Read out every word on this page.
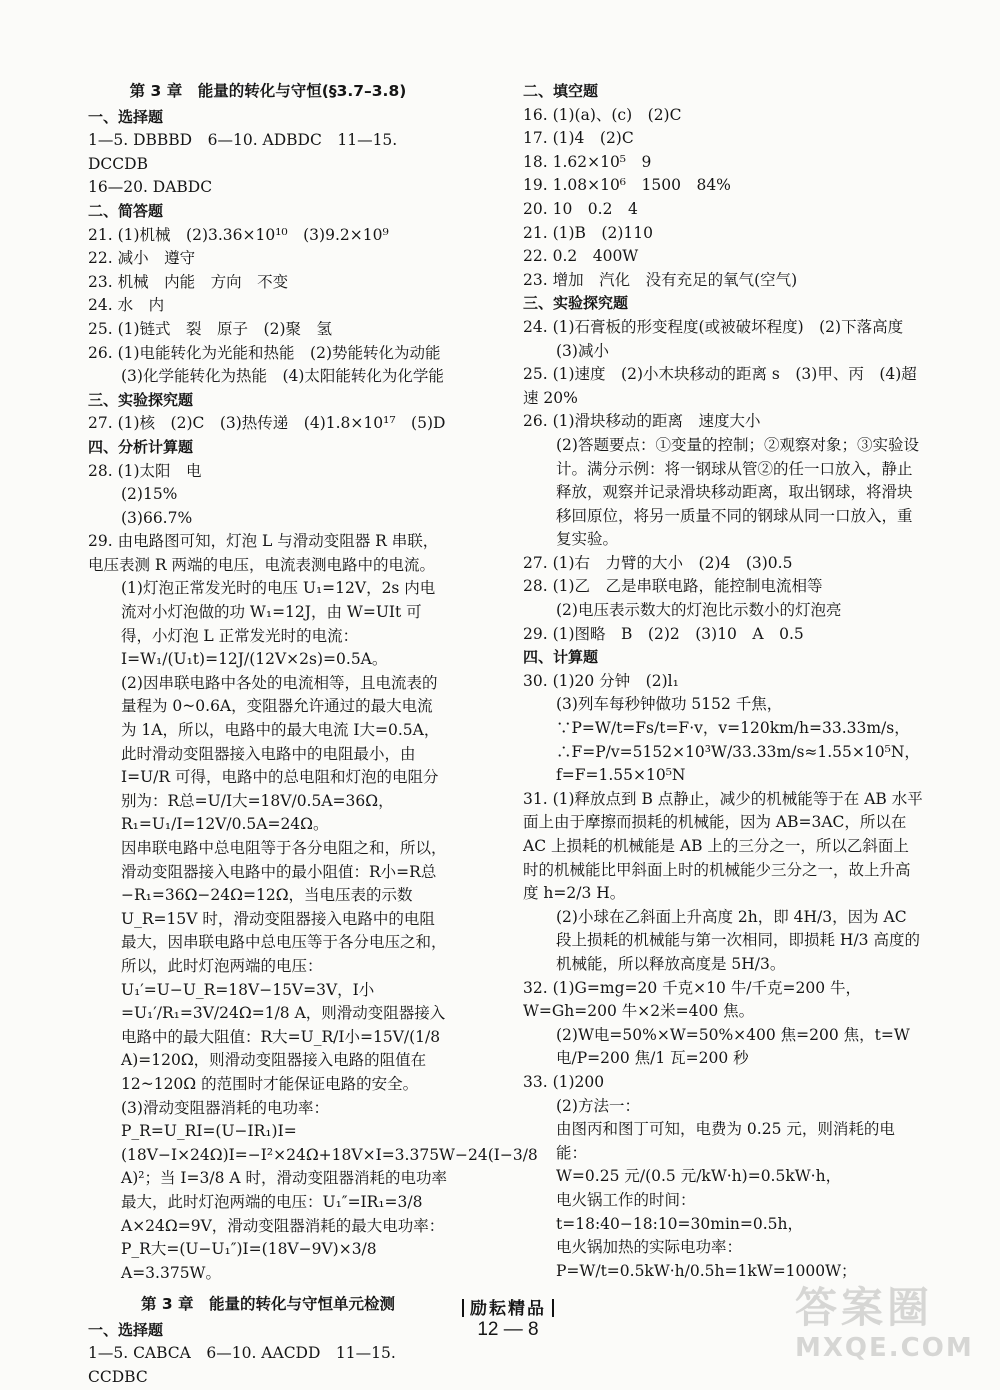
第 3 章　能量的转化与守恒(§3.7–3.8)
一、选择题
1—5. DBBBD　6—10. ADBDC　11—15. DCCDB
16—20. DABDC
二、简答题
21. (1)机械　(2)3.36×10¹⁰　(3)9.2×10⁹
22. 减小　遵守
23. 机械　内能　方向　不变
24. 水　内
25. (1)链式　裂　原子　(2)聚　氢
26. (1)电能转化为光能和热能　(2)势能转化为动能
(3)化学能转化为热能　(4)太阳能转化为化学能
三、实验探究题
27. (1)核　(2)C　(3)热传递　(4)1.8×10¹⁷　(5)D
四、分析计算题
28. (1)太阳　电
(2)15%
(3)66.7%
29. 由电路图可知，灯泡 L 与滑动变阻器 R 串联，电压表测 R 两端的电压，电流表测电路中的电流。
(1)灯泡正常发光时的电压 U₁=12V，2s 内电流对小灯泡做的功 W₁=12J，由 W=UIt 可得，小灯泡 L 正常发光时的电流：I=W₁/(U₁t)=12J/(12V×2s)=0.5A。
(2)因串联电路中各处的电流相等，且电流表的量程为 0~0.6A，变阻器允许通过的最大电流为 1A，所以，电路中的最大电流 I大=0.5A，此时滑动变阻器接入电路中的电阻最小，由 I=U/R 可得，电路中的总电阻和灯泡的电阻分别为：R总=U/I大=18V/0.5A=36Ω，R₁=U₁/I=12V/0.5A=24Ω。
因串联电路中总电阻等于各分电阻之和，所以，滑动变阻器接入电路中的最小阻值：R小=R总−R₁=36Ω−24Ω=12Ω，当电压表的示数 U_R=15V 时，滑动变阻器接入电路中的电阻最大，因串联电路中总电压等于各分电压之和，所以，此时灯泡两端的电压：U₁′=U−U_R=18V−15V=3V，I小=U₁′/R₁=3V/24Ω=1/8 A，则滑动变阻器接入电路中的最大阻值：R大=U_R/I小=15V/(1/8 A)=120Ω，则滑动变阻器接入电路的阻值在 12~120Ω 的范围时才能保证电路的安全。
(3)滑动变阻器消耗的电功率：
P_R=U_RI=(U−IR₁)I=(18V−I×24Ω)I=−I²×24Ω+18V×I=3.375W−24(I−3/8 A)²；当 I=3/8 A 时，滑动变阻器消耗的电功率最大，此时灯泡两端的电压：U₁″=IR₁=3/8 A×24Ω=9V，滑动变阻器消耗的最大电功率：P_R大=(U−U₁″)I=(18V−9V)×3/8 A=3.375W。
第 3 章　能量的转化与守恒单元检测
一、选择题
1—5. CABCA　6—10. AACDD　11—15. CCDBC
二、填空题
16. (1)(a)、(c)　(2)C
17. (1)4　(2)C
18. 1.62×10⁵　9
19. 1.08×10⁶　1500　84%
20. 10　0.2　4
21. (1)B　(2)110
22. 0.2　400W
23. 增加　汽化　没有充足的氧气(空气)
三、实验探究题
24. (1)石膏板的形变程度(或被破坏程度)　(2)下落高度
(3)减小
25. (1)速度　(2)小木块移动的距离 s　(3)甲、丙　(4)超速 20%
26. (1)滑块移动的距离　速度大小
(2)答题要点：①变量的控制；②观察对象；③实验设计。满分示例：将一钢球从管②的任一口放入，静止释放，观察并记录滑块移动距离，取出钢球，将滑块移回原位，将另一质量不同的钢球从同一口放入，重复实验。
27. (1)右　力臂的大小　(2)4　(3)0.5
28. (1)乙　乙是串联电路，能控制电流相等
(2)电压表示数大的灯泡比示数小的灯泡亮
29. (1)图略　B　(2)2　(3)10　A　0.5
四、计算题
30. (1)20 分钟　(2)l₁
(3)列车每秒钟做功 5152 千焦，∵P=W/t=Fs/t=F·v，v=120km/h=33.33m/s，∴F=P/v=5152×10³W/33.33m/s≈1.55×10⁵N，f=F=1.55×10⁵N
31. (1)释放点到 B 点静止，减少的机械能等于在 AB 水平面上由于摩擦而损耗的机械能，因为 AB=3AC，所以在 AC 上损耗的机械能是 AB 上的三分之一，所以乙斜面上时的机械能比甲斜面上时的机械能少三分之一，故上升高度 h=2/3 H。
(2)小球在乙斜面上升高度 2h，即 4H/3，因为 AC 段上损耗的机械能与第一次相同，即损耗 H/3 高度的机械能，所以释放高度是 5H/3。
32. (1)G=mg=20 千克×10 牛/千克=200 牛，W=Gh=200 牛×2米=400 焦。
(2)W电=50%×W=50%×400 焦=200 焦，t=W电/P=200 焦/1 瓦=200 秒
33. (1)200
(2)方法一：
由图丙和图丁可知，电费为 0.25 元，则消耗的电能：
W=0.25 元/(0.5 元/kW·h)=0.5kW·h，
电火锅工作的时间：
t=18:40−18:10=30min=0.5h，
电火锅加热的实际电功率：
P=W/t=0.5kW·h/0.5h=1kW=1000W；
励耘精品
12 — 8	答案圈
MXQE.COM
